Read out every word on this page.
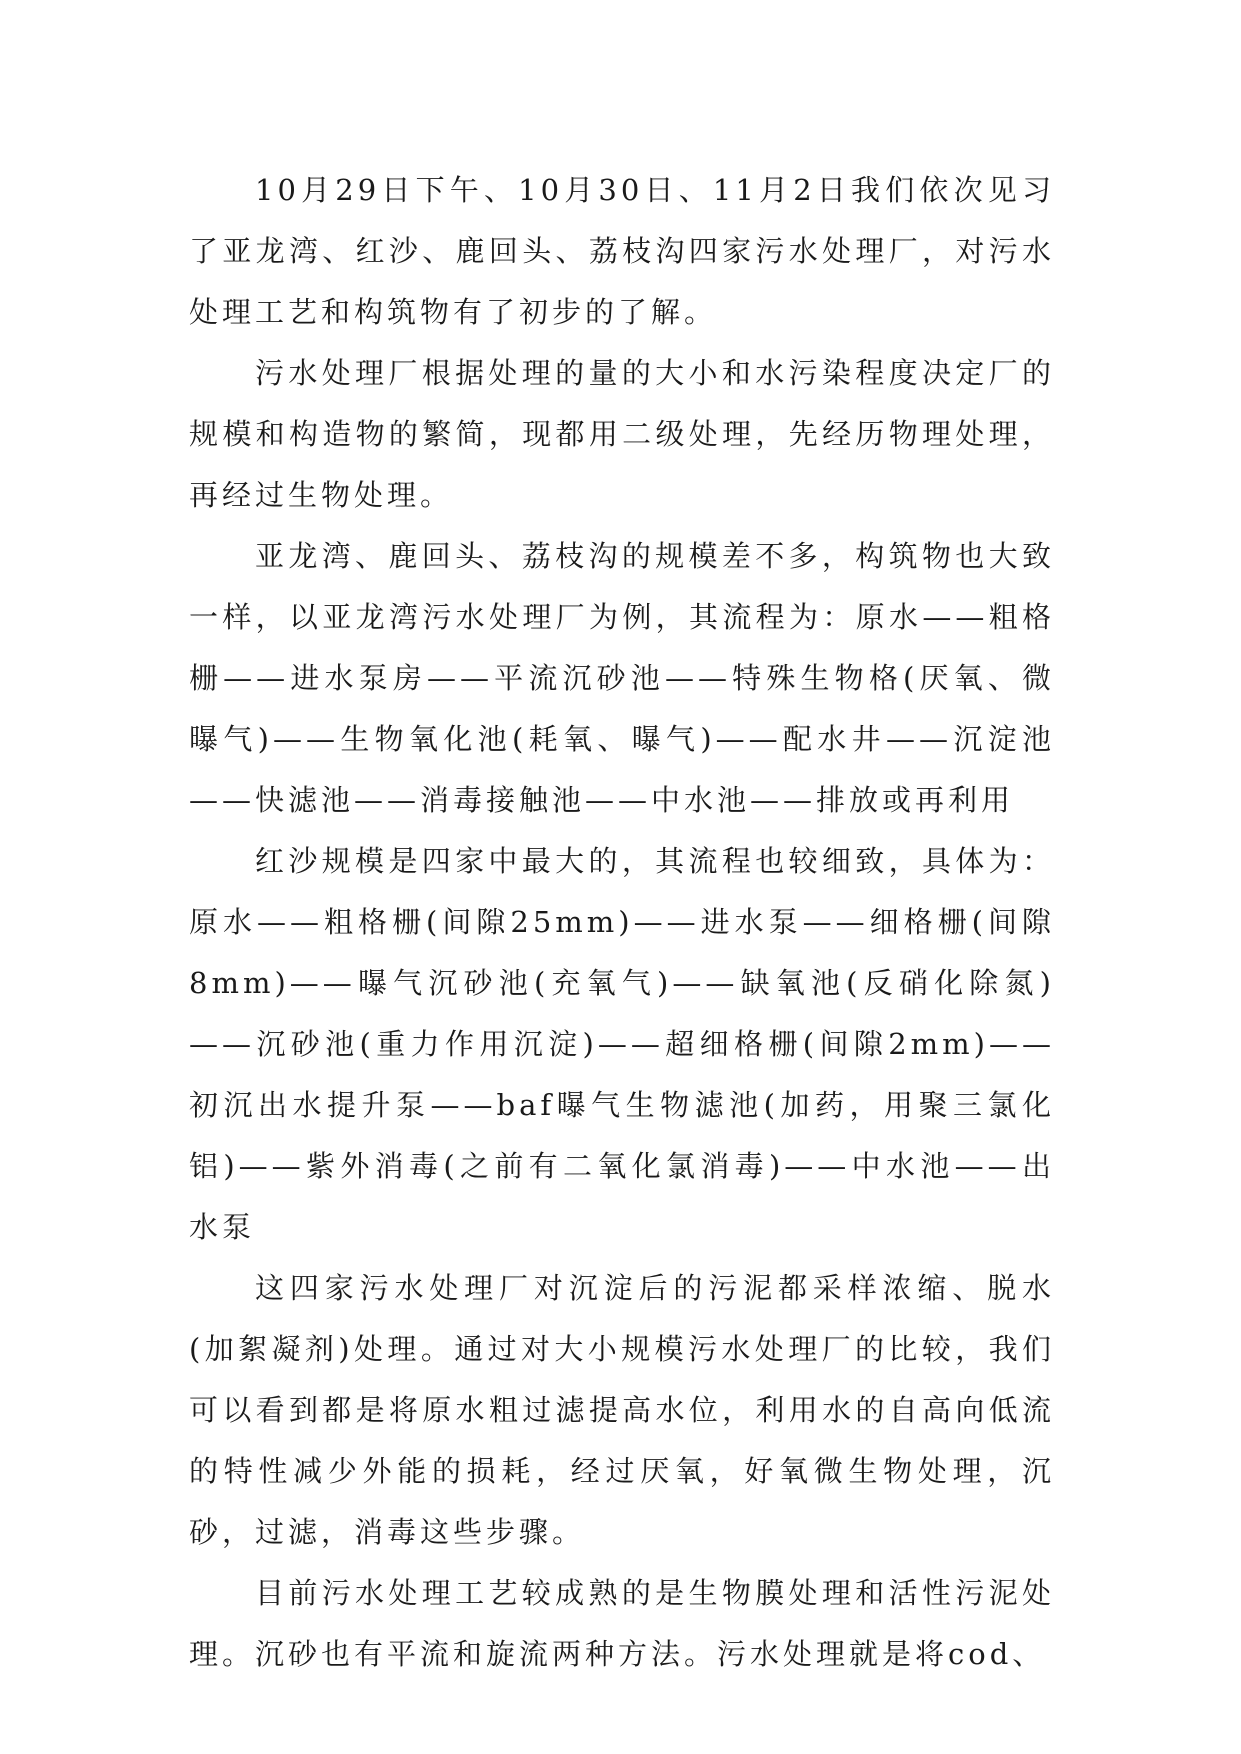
10月29日下午、10月30日、11月2日我们依次见习了亚龙湾、红沙、鹿回头、荔枝沟四家污水处理厂，对污水处理工艺和构筑物有了初步的了解。

污水处理厂根据处理的量的大小和水污染程度决定厂的规模和构造物的繁简，现都用二级处理，先经历物理处理，再经过生物处理。

亚龙湾、鹿回头、荔枝沟的规模差不多，构筑物也大致一样，以亚龙湾污水处理厂为例，其流程为：原水——粗格栅——进水泵房——平流沉砂池——特殊生物格(厌氧、微曝气)——生物氧化池(耗氧、曝气)——配水井——沉淀池——快滤池——消毒接触池——中水池——排放或再利用

红沙规模是四家中最大的，其流程也较细致，具体为：原水——粗格栅(间隙25mm)——进水泵——细格栅(间隙8mm)——曝气沉砂池(充氧气)——缺氧池(反硝化除氮)——沉砂池(重力作用沉淀)——超细格栅(间隙2mm)——初沉出水提升泵——baf曝气生物滤池(加药，用聚三氯化铝)——紫外消毒(之前有二氧化氯消毒)——中水池——出水泵

这四家污水处理厂对沉淀后的污泥都采样浓缩、脱水(加絮凝剂)处理。通过对大小规模污水处理厂的比较，我们可以看到都是将原水粗过滤提高水位，利用水的自高向低流的特性减少外能的损耗，经过厌氧，好氧微生物处理，沉砂，过滤，消毒这些步骤。

目前污水处理工艺较成熟的是生物膜处理和活性污泥处理。沉砂也有平流和旋流两种方法。污水处理就是将cod、
